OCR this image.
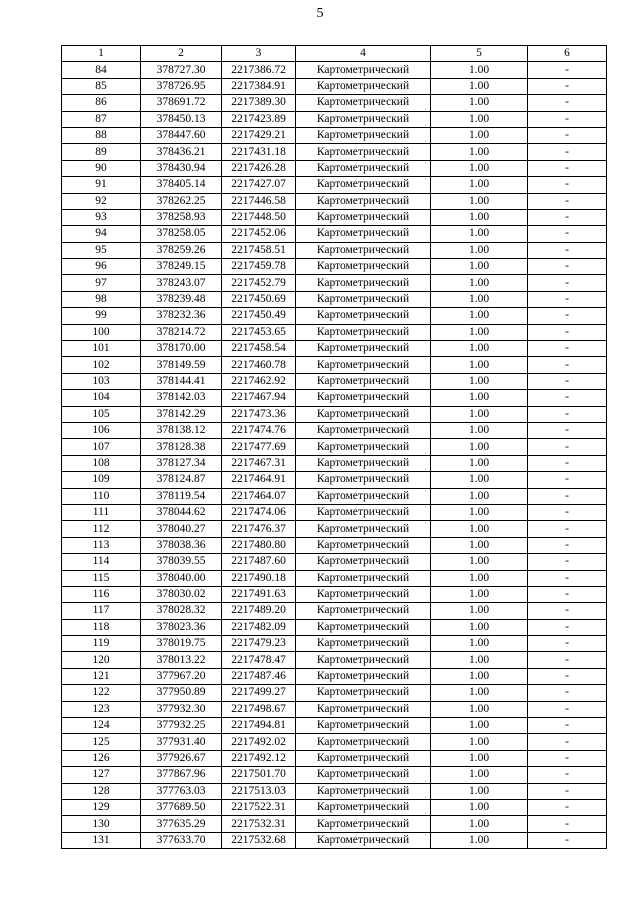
5
1	2	3	4	5	6
84	378727.30	2217386.72	Картометрический	1.00	-
85	378726.95	2217384.91	Картометрический	1.00	-
86	378691.72	2217389.30	Картометрический	1.00	-
87	378450.13	2217423.89	Картометрический	1.00	-
88	378447.60	2217429.21	Картометрический	1.00	-
89	378436.21	2217431.18	Картометрический	1.00	-
90	378430.94	2217426.28	Картометрический	1.00	-
91	378405.14	2217427.07	Картометрический	1.00	-
92	378262.25	2217446.58	Картометрический	1.00	-
93	378258.93	2217448.50	Картометрический	1.00	-
94	378258.05	2217452.06	Картометрический	1.00	-
95	378259.26	2217458.51	Картометрический	1.00	-
96	378249.15	2217459.78	Картометрический	1.00	-
97	378243.07	2217452.79	Картометрический	1.00	-
98	378239.48	2217450.69	Картометрический	1.00	-
99	378232.36	2217450.49	Картометрический	1.00	-
100	378214.72	2217453.65	Картометрический	1.00	-
101	378170.00	2217458.54	Картометрический	1.00	-
102	378149.59	2217460.78	Картометрический	1.00	-
103	378144.41	2217462.92	Картометрический	1.00	-
104	378142.03	2217467.94	Картометрический	1.00	-
105	378142.29	2217473.36	Картометрический	1.00	-
106	378138.12	2217474.76	Картометрический	1.00	-
107	378128.38	2217477.69	Картометрический	1.00	-
108	378127.34	2217467.31	Картометрический	1.00	-
109	378124.87	2217464.91	Картометрический	1.00	-
110	378119.54	2217464.07	Картометрический	1.00	-
111	378044.62	2217474.06	Картометрический	1.00	-
112	378040.27	2217476.37	Картометрический	1.00	-
113	378038.36	2217480.80	Картометрический	1.00	-
114	378039.55	2217487.60	Картометрический	1.00	-
115	378040.00	2217490.18	Картометрический	1.00	-
116	378030.02	2217491.63	Картометрический	1.00	-
117	378028.32	2217489.20	Картометрический	1.00	-
118	378023.36	2217482.09	Картометрический	1.00	-
119	378019.75	2217479.23	Картометрический	1.00	-
120	378013.22	2217478.47	Картометрический	1.00	-
121	377967.20	2217487.46	Картометрический	1.00	-
122	377950.89	2217499.27	Картометрический	1.00	-
123	377932.30	2217498.67	Картометрический	1.00	-
124	377932.25	2217494.81	Картометрический	1.00	-
125	377931.40	2217492.02	Картометрический	1.00	-
126	377926.67	2217492.12	Картометрический	1.00	-
127	377867.96	2217501.70	Картометрический	1.00	-
128	377763.03	2217513.03	Картометрический	1.00	-
129	377689.50	2217522.31	Картометрический	1.00	-
130	377635.29	2217532.31	Картометрический	1.00	-
131	377633.70	2217532.68	Картометрический	1.00	-
